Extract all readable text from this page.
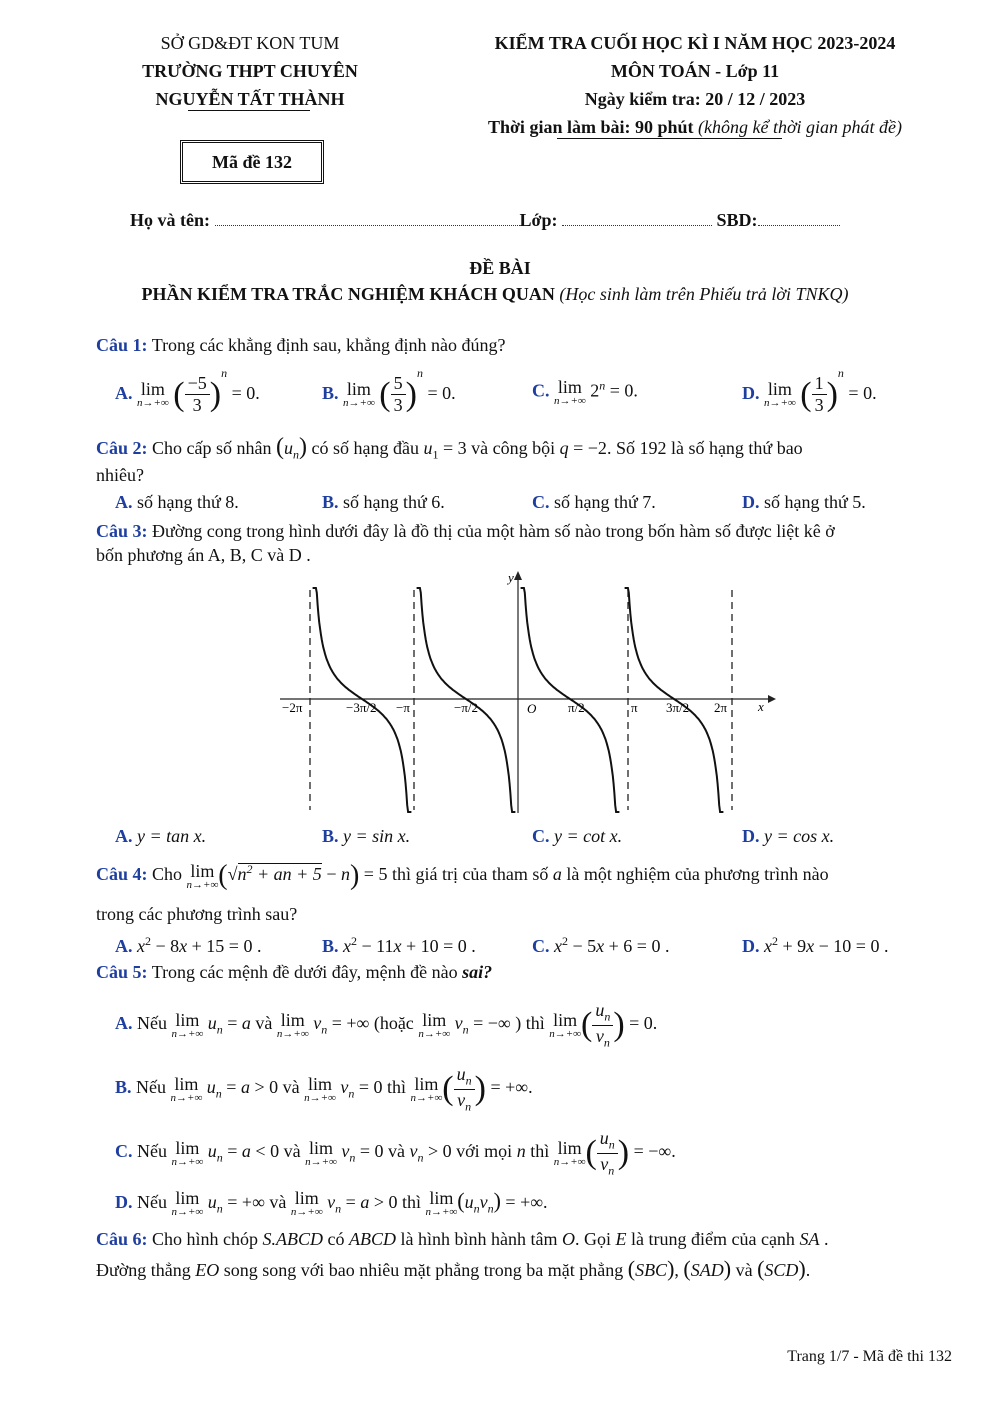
SỞ GD&ĐT KON TUM
TRƯỜNG THPT CHUYÊN
NGUYỄN TẤT THÀNH
KIỂM TRA CUỐI HỌC KÌ I NĂM HỌC 2023-2024
MÔN TOÁN - Lớp 11
Ngày kiểm tra: 20 / 12 / 2023
Thời gian làm bài: 90 phút (không kể thời gian phát đề)
Mã đề 132
Họ và tên:	Lớp:	SBD:
ĐỀ BÀI
PHẦN KIỂM TRA TRẮC NGHIỆM KHÁCH QUAN (Học sinh làm trên Phiếu trả lời TNKQ)
Câu 1: Trong các khẳng định sau, khẳng định nào đúng?
A. lim
n→+∞ ( $\frac{-5}{3} )^n = 0$.	B. lim
n→+∞ ( $\frac{5}{3} )^n = 0$.	C. lim
n→+∞
$2^n = 0$.	D. lim
n→+∞ ( $\frac{1}{3} )^n = 0$.
Câu 2: Cho cấp số nhân $(u_n)$ có số hạng đầu $u_1 = 3$ và công bội q = −2. Số 192 là số hạng thứ bao
nhiêu?
A. số hạng thứ 8.	B. số hạng thứ 6.	C. số hạng thứ 7.	D. số hạng thứ 5.
Câu 3: Đường cong trong hình dưới đây là đồ thị của một hàm số nào trong bốn hàm số được liệt kê ở
bốn phương án A, B, C và D .
y
x
O
−2π	−3π/2 −π	−π/2	π/2	π 3π/2 2π
A. y = tan x.	B. y = sin x.	C. y = cot x.	D. y = cos x.
Câu 4: Cho lim
n→+∞ ($√n^2$ + an + 5 − n) = 5 thì giá trị của tham số a là một nghiệm của phương trình nào
trong các phương trình sau?
A. $x^2 - 8x + 15 = 0$ .	B. $x^2 - 11x + 10 = 0$ .	C. $x^2 - 5x + 6 = 0$ .	D. $x^2 + 9x - 10 = 0$ .
Câu 5: Trong các mệnh đề dưới đây, mệnh đề nào sai?
A. Nếu lim
n→+∞
$u_n = a$ và lim
n→+∞
$v_n$ = +∞ (hoặc lim
n→+∞
$v_n$ = −∞ ) thì lim
n→+∞ ( $\frac{u_n}{v_n}$ ) = 0.
B. Nếu lim
n→+∞
$u_n = a > 0$ và lim
n→+∞
$v_n = 0$ thì lim
n→+∞ ( $\frac{u_n}{v_n}$ ) = +∞.
C. Nếu lim
n→+∞
$u_n = a < 0$ và lim
n→+∞
$v_n = 0$ và $v_n > 0$ với mọi n thì lim
n→+∞ ( $\frac{u_n}{v_n}$ ) = −∞.
D. Nếu lim
n→+∞
$u_n$ = +∞ và lim
n→+∞
$v_n = a > 0$ thì lim
n→+∞ $(u_nv_n)$ = +∞.
Câu 6: Cho hình chóp S.ABCD có ABCD là hình bình hành tâm O. Gọi E là trung điểm của cạnh SA .
Đường thẳng EO song song với bao nhiêu mặt phẳng trong ba mặt phẳng (SBC), (SAD) và (SCD).
Trang 1/7 - Mã đề thi 132
